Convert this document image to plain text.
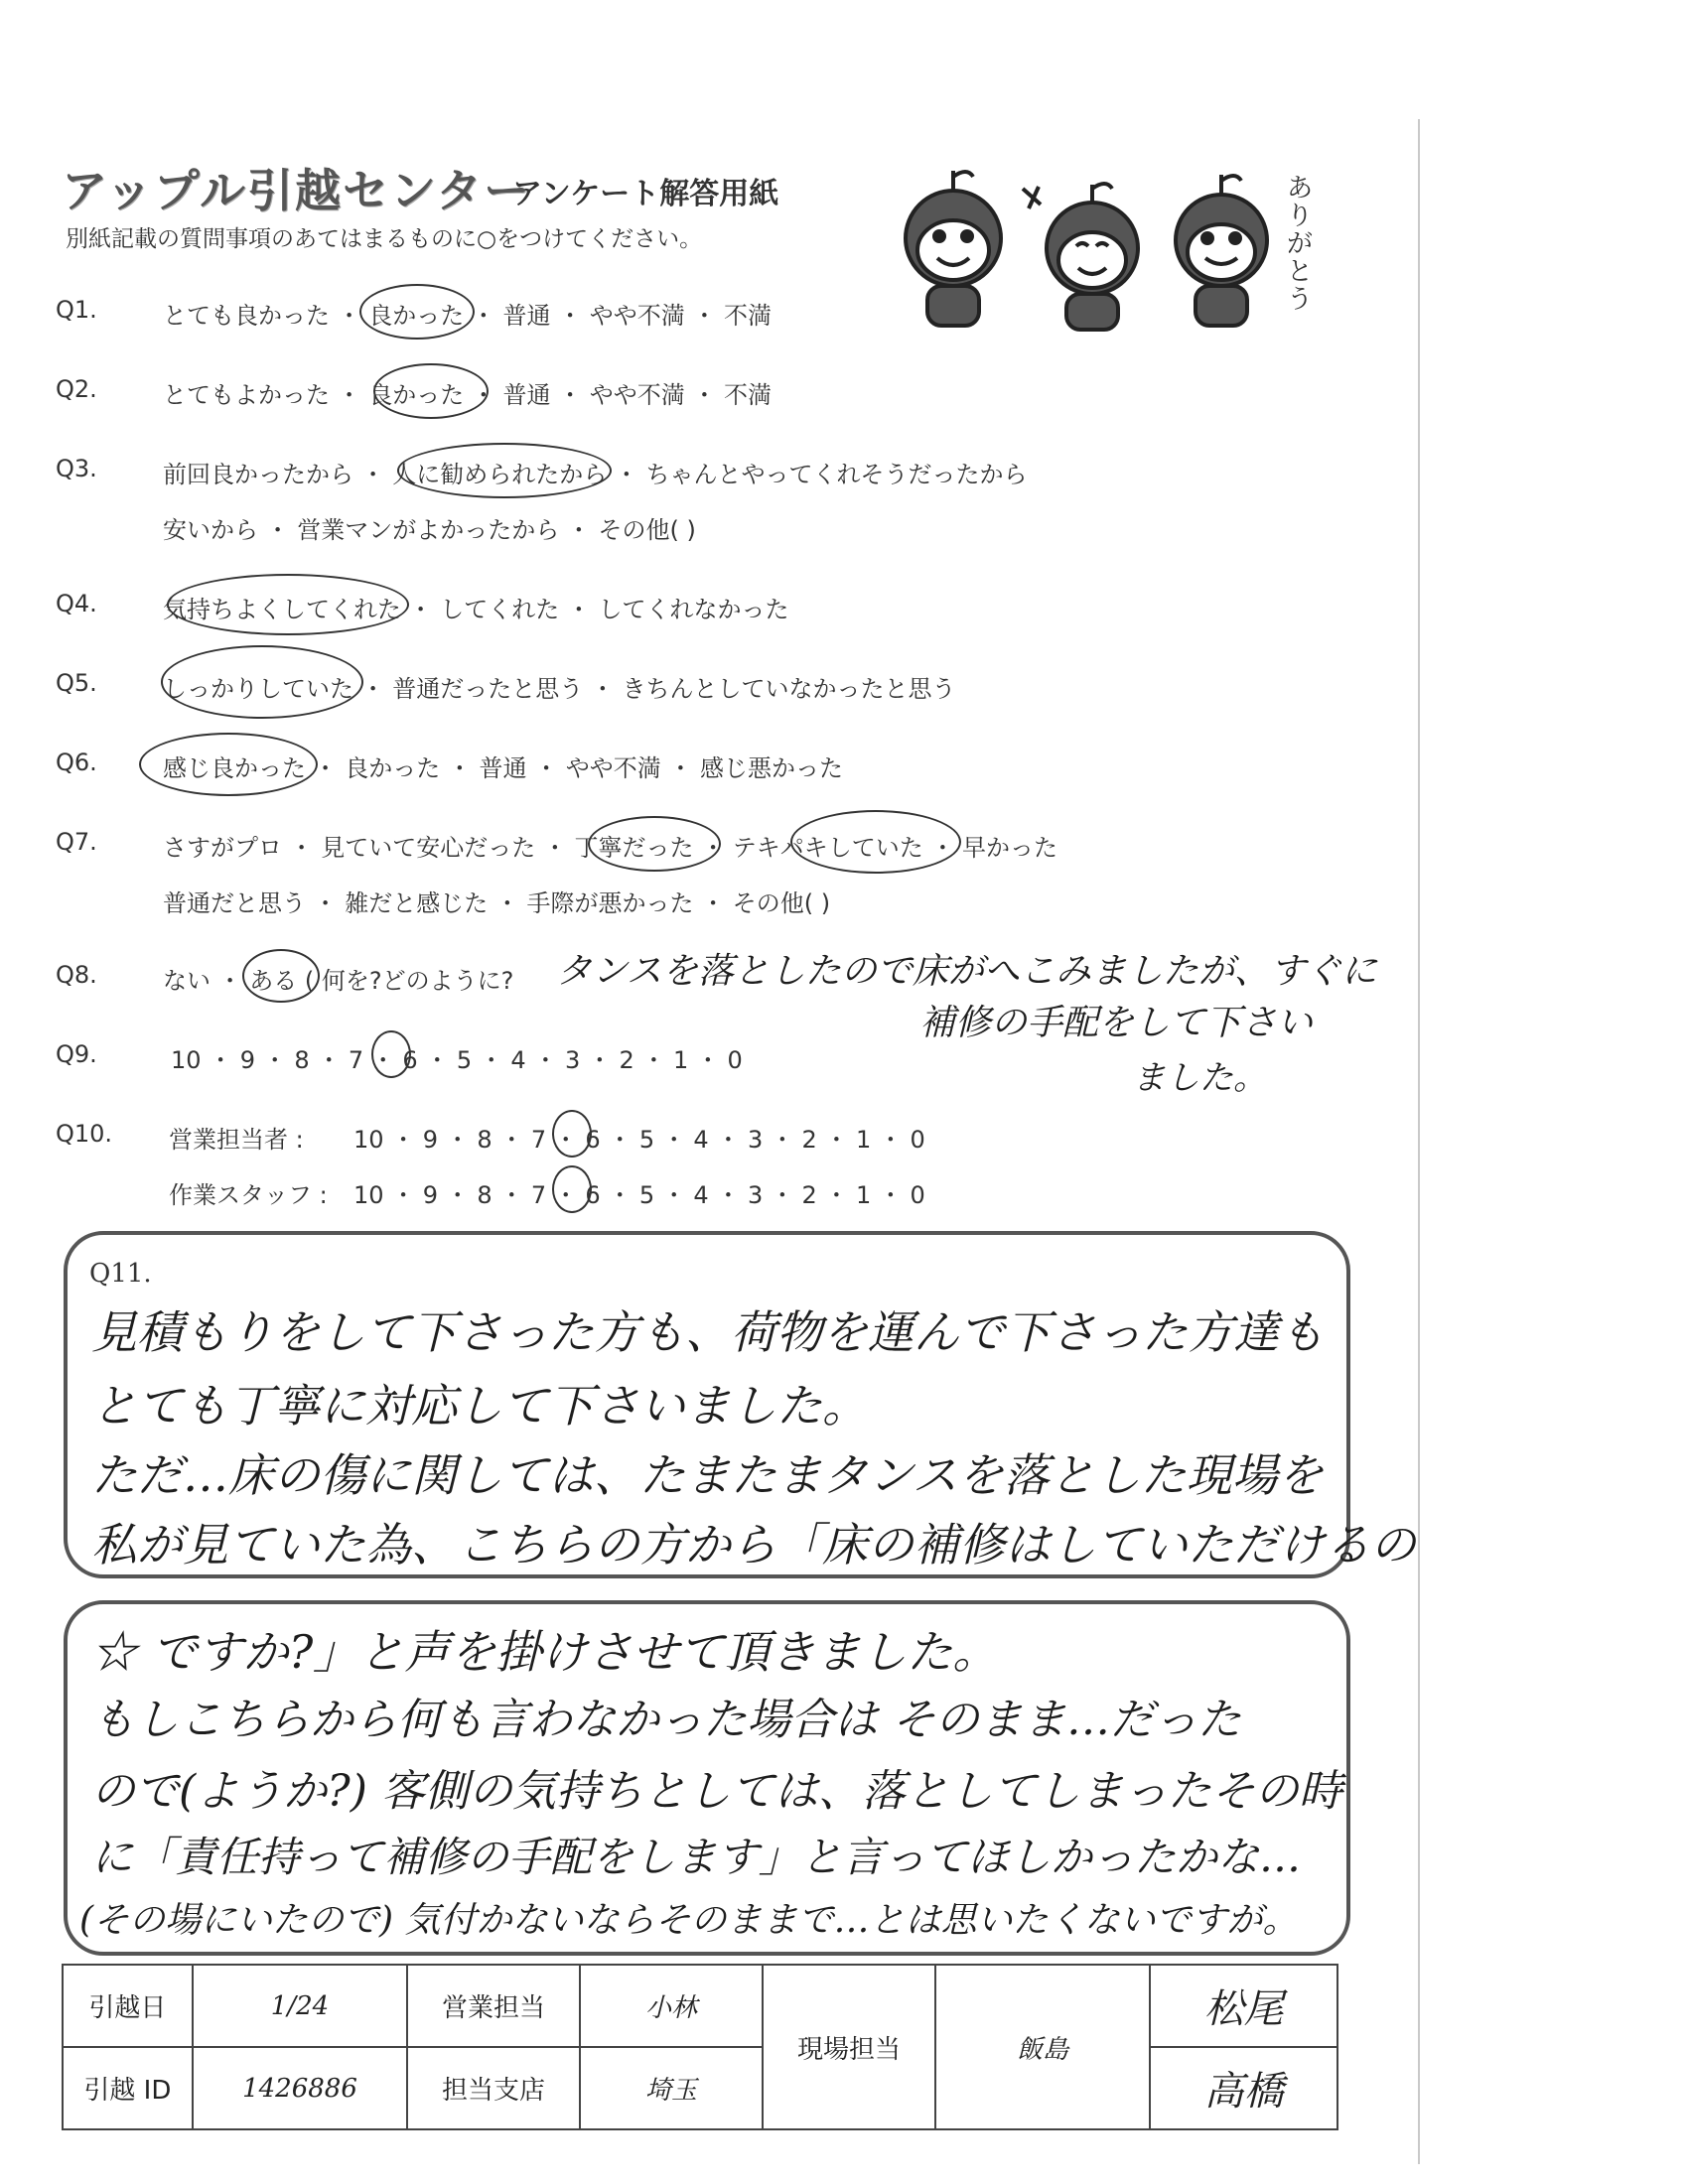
アップル引越センター
アンケート解答用紙
別紙記載の質問事項のあてはまるものに○をつけてください。
ありがとう
Q1.	とても良かった ・ 良かった ・ 普通 ・ やや不満 ・ 不満
Q2.	とてもよかった ・ 良かった ・ 普通 ・ やや不満 ・ 不満
Q3.	前回良かったから ・ 人に勧められたから ・ ちゃんとやってくれそうだったから
安いから ・ 営業マンがよかったから ・ その他( )
Q4.	気持ちよくしてくれた ・ してくれた ・ してくれなかった
Q5.	しっかりしていた ・ 普通だったと思う ・ きちんとしていなかったと思う
Q6.	感じ良かった ・ 良かった ・ 普通 ・ やや不満 ・ 感じ悪かった
Q7.	さすがプロ ・ 見ていて安心だった ・ 丁寧だった ・ テキパキしていた ・ 早かった
普通だと思う ・ 雑だと感じた ・ 手際が悪かった ・ その他( )
Q8.	ない ・ ある ( 何を?どのように? タンスを落としたので床がへこみましたが、すぐに
補修の手配をして下さい
ました。
Q9.	10 ・ 9 ・ 8 ・ 7 ・ 6 ・ 5 ・ 4 ・ 3 ・ 2 ・ 1 ・ 0
Q10. 営業担当者 : 10 ・ 9 ・ 8 ・ 7 ・ 6 ・ 5 ・ 4 ・ 3 ・ 2 ・ 1 ・ 0
作業スタッフ : 10 ・ 9 ・ 8 ・ 7 ・ 6 ・ 5 ・ 4 ・ 3 ・ 2 ・ 1 ・ 0
Q11.
見積もりをして下さった方も、荷物を運んで下さった方達も
とても丁寧に対応して下さいました。
ただ…床の傷に関しては、たまたまタンスを落とした現場を
私が見ていた為、こちらの方から「床の補修はしていただけるの
☆ ですか?」と声を掛けさせて頂きました。
もしこちらから何も言わなかった場合は そのまま…だった
ので(ようか?) 客側の気持ちとしては、落としてしまったその時
に「責任持って補修の手配をします」と言ってほしかったかな…
(その場にいたので) 気付かないならそのままで…とは思いたくないですが。
引越日	1/24	営業担当	小林	現場担当	飯島	松尾
引越 ID	1426886	担当支店	埼玉			高橋
